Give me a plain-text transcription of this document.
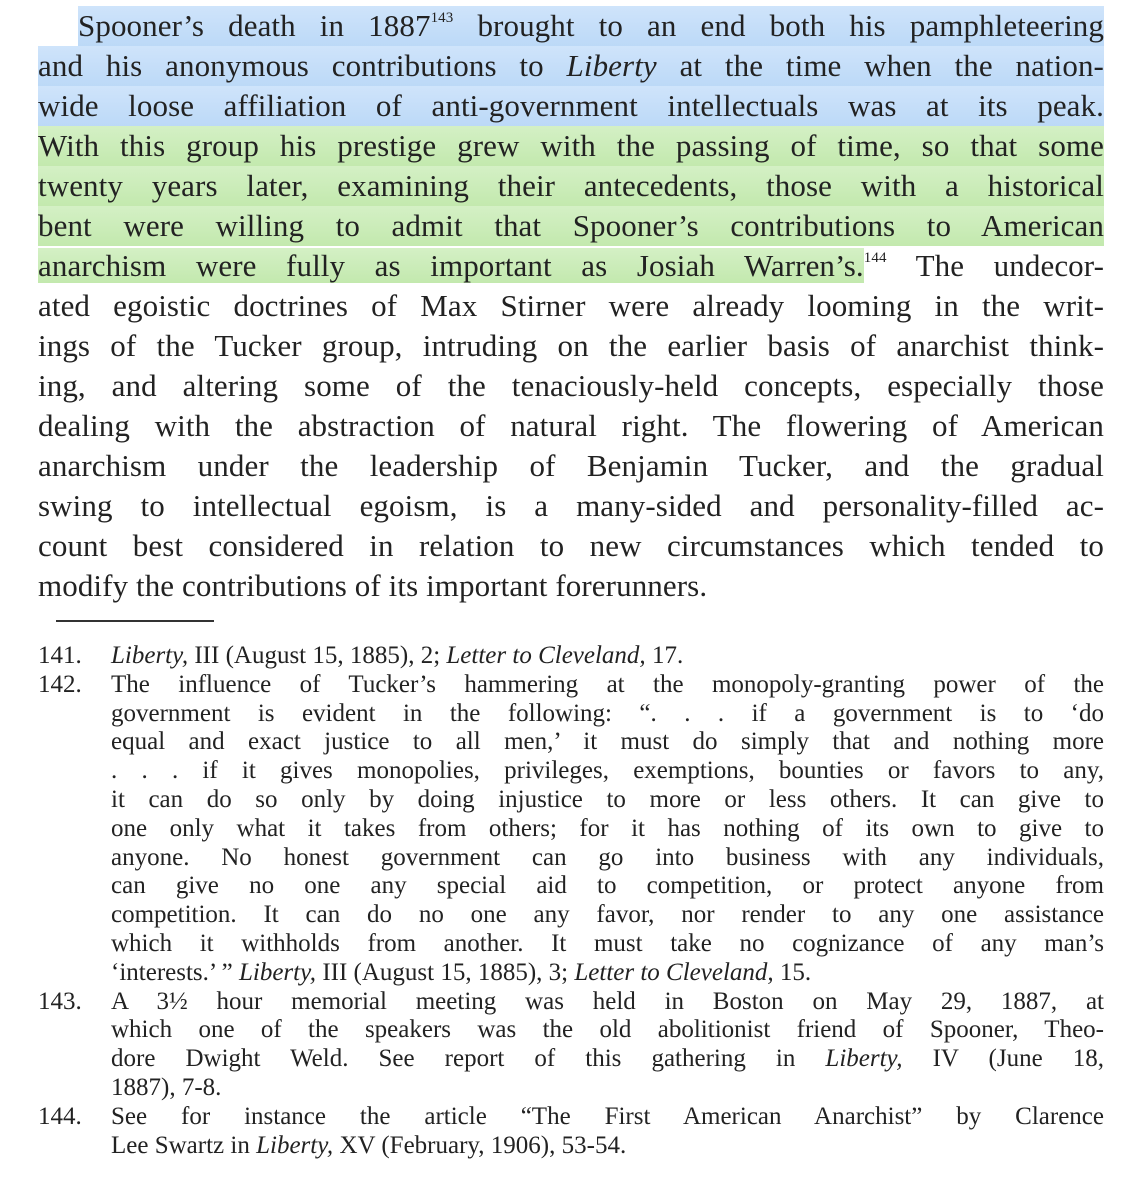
Spooner’s death in 1887$^{143}$ brought to an end both his pamphleteering
and his anonymous contributions to Liberty at the time when the nation-
wide loose affiliation of anti-government intellectuals was at its peak.
With this group his prestige grew with the passing of time, so that some
twenty years later, examining their antecedents, those with a historical
bent were willing to admit that Spooner’s contributions to American
anarchism were fully as important as Josiah Warren’s.$^{144}$ The undecor-
ated egoistic doctrines of Max Stirner were already looming in the writ-
ings of the Tucker group, intruding on the earlier basis of anarchist think-
ing, and altering some of the tenaciously-held concepts, especially those
dealing with the abstraction of natural right. The flowering of American
anarchism under the leadership of Benjamin Tucker, and the gradual
swing to intellectual egoism, is a many-sided and personality-filled ac-
count best considered in relation to new circumstances which tended to
modify the contributions of its important forerunners.
141.	Liberty, III (August 15, 1885), 2; Letter to Cleveland, 17.
142.	The influence of Tucker’s hammering at the monopoly-granting power of the
government is evident in the following: “. . . if a government is to ‘do
equal and exact justice to all men,’ it must do simply that and nothing more
. . . if it gives monopolies, privileges, exemptions, bounties or favors to any,
it can do so only by doing injustice to more or less others. It can give to
one only what it takes from others; for it has nothing of its own to give to
anyone. No honest government can go into business with any individuals,
can give no one any special aid to competition, or protect anyone from
competition. It can do no one any favor, nor render to any one assistance
which it withholds from another. It must take no cognizance of any man’s
‘interests.’ ” Liberty, III (August 15, 1885), 3; Letter to Cleveland, 15.
143.	A 3½ hour memorial meeting was held in Boston on May 29, 1887, at
which one of the speakers was the old abolitionist friend of Spooner, Theo-
dore Dwight Weld. See report of this gathering in Liberty, IV (June 18,
1887), 7-8.
144.	See for instance the article “The First American Anarchist” by Clarence
Lee Swartz in Liberty, XV (February, 1906), 53-54.
